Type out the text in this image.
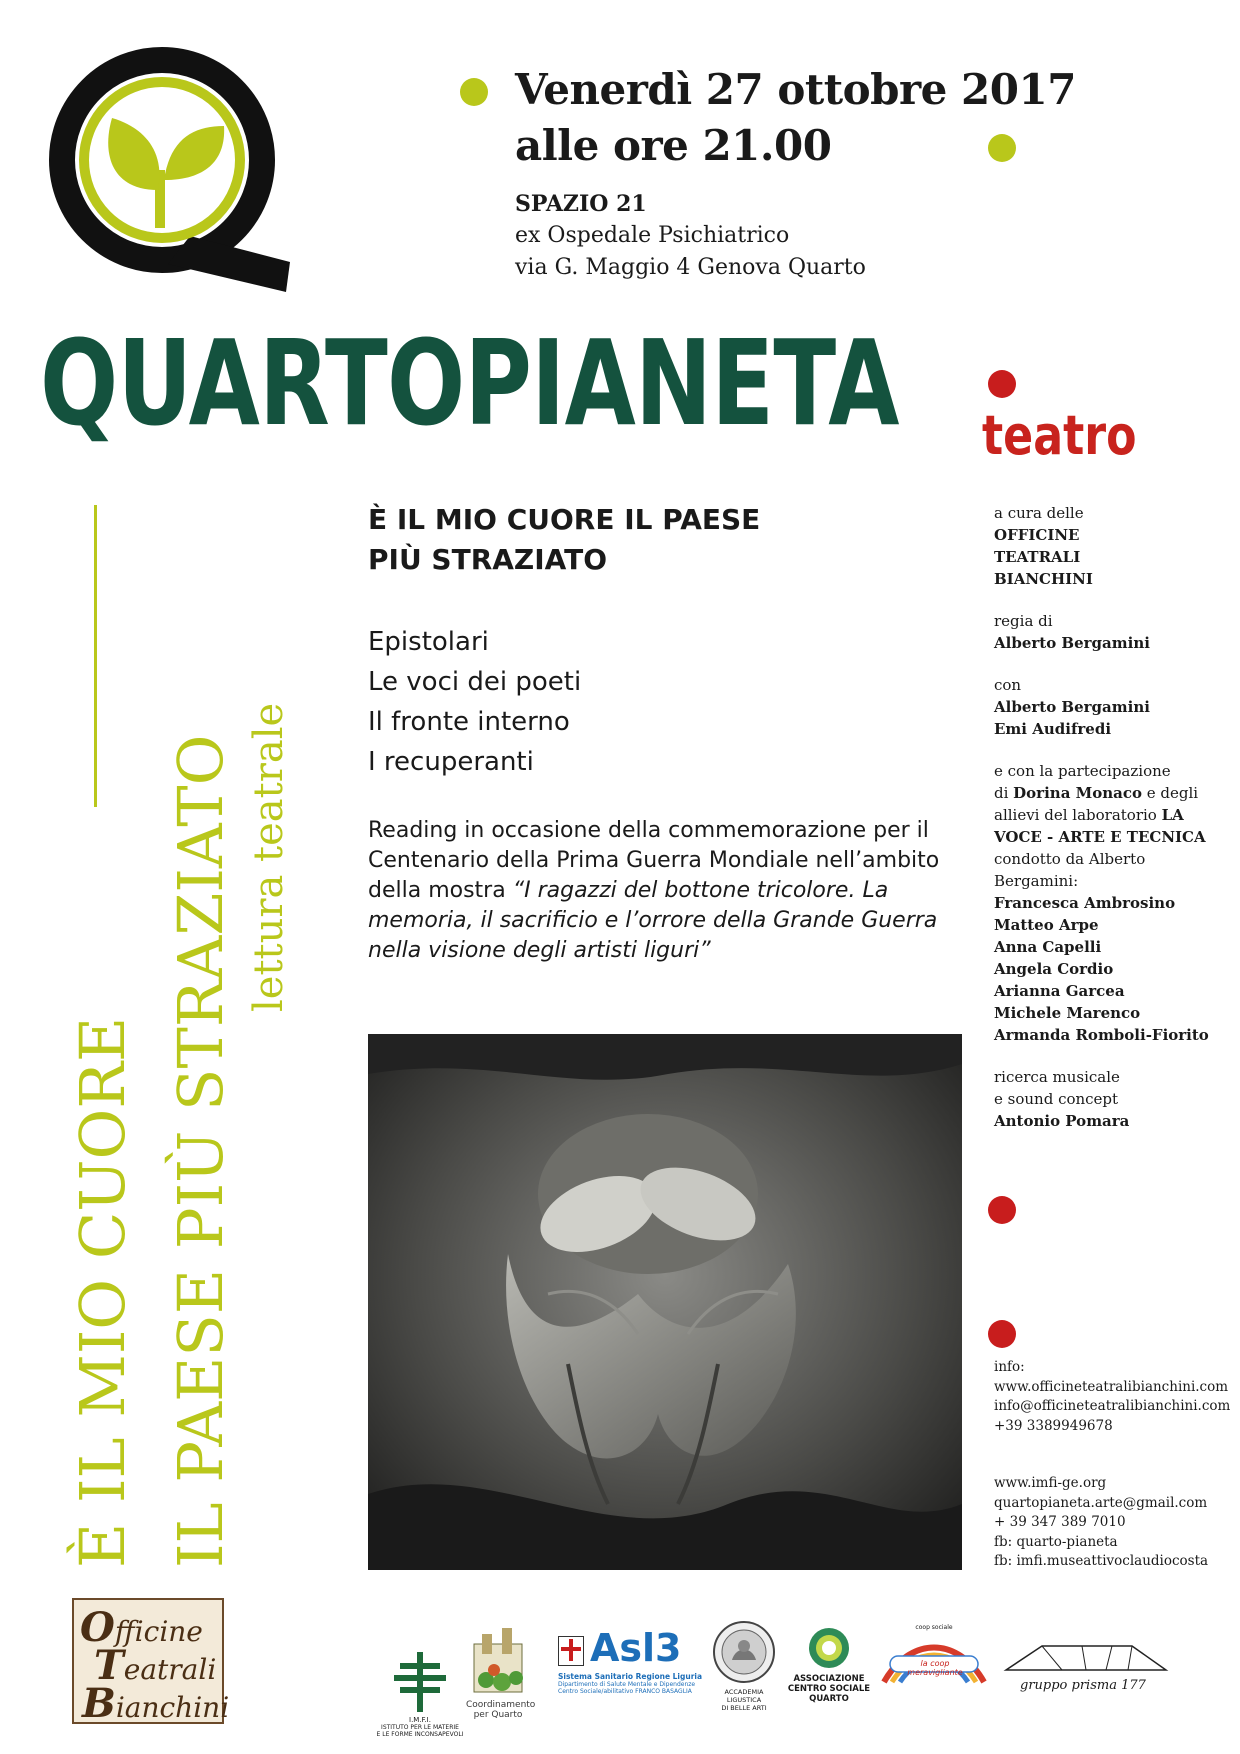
Venerdì 27 ottobre 2017
alle ore 21.00
SPAZIO 21
ex Ospedale Psichiatrico
via G. Maggio 4 Genova Quarto
QUARTOPIANETA teatro
È IL MIO CUORE IL PAESE PIÙ STRAZIATO lettura teatrale
È IL MIO CUORE IL PAESE
PIÙ STRAZIATO
Epistolari
Le voci dei poeti
Il fronte interno
I recuperanti
Reading in occasione della commemorazione per il Centenario della Prima Guerra Mondiale nell’ambito della mostra “I ragazzi del bottone tricolore. La memoria, il sacrificio e l’orrore della Grande Guerra nella visione degli artisti liguri”

a cura delle
OFFICINE
TEATRALI
BIANCHINI

regia di
Alberto Bergamini

con
Alberto Bergamini
Emi Audifredi

e con la partecipazione
di Dorina Monaco e degli
allievi del laboratorio LA
VOCE - ARTE E TECNICA
condotto da Alberto
Bergamini:
Francesca Ambrosino
Matteo Arpe
Anna Capelli
Angela Cordio
Arianna Garcea
Michele Marenco
Armanda Romboli-Fiorito

ricerca musicale
e sound concept
Antonio Pomara

info:
www.officineteatralibianchini.com
info@officineteatralibianchini.com
+39 3389949678
www.imfi-ge.org
quartopianeta.arte@gmail.com
+ 39 347 389 7010
fb: quarto-pianeta
fb: imfi.museattivoclaudiocosta
Officine
Teatrali
Bianchini	I.M.F.I.
ISTITUTO PER LE MATERIE
E LE FORME INCONSAPEVOLI
Coordinamento
per Quarto
Asl3
Sistema Sanitario Regione Liguria
Dipartimento di Salute Mentale e Dipendenze
Centro Sociale/abilitativo FRANCO BASAGLIA	ACCADEMIA
LIGUSTICA
DI BELLE ARTI
ASSOCIAZIONE
CENTRO SOCIALE
QUARTO
coop sociale
la coop meravigliante
gruppo prisma 177
